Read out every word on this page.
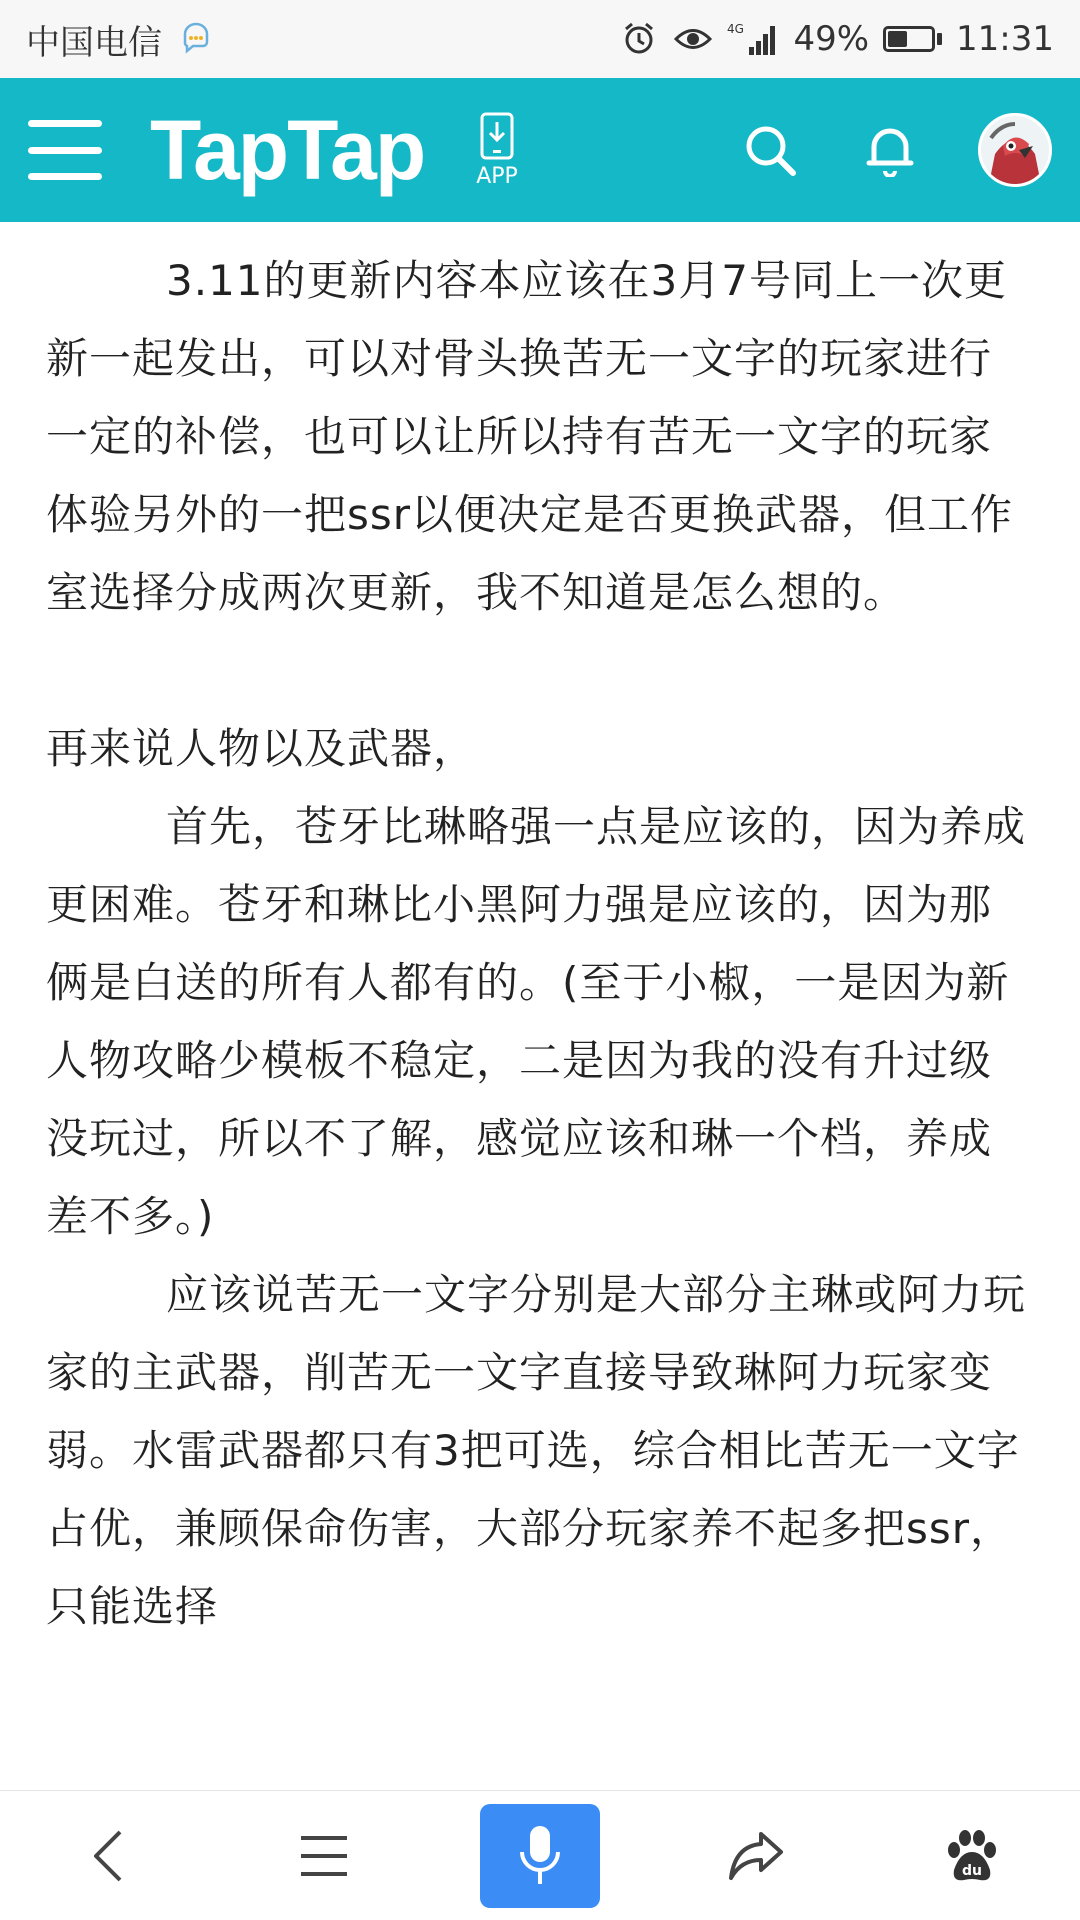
中国电信	4G 49%	11:31
TapTap APP

3.11的更新内容本应该在3月7号同上一次更新一起发出，可以对骨头换苦无一文字的玩家进行一定的补偿，也可以让所以持有苦无一文字的玩家体验另外的一把ssr以便决定是否更换武器，但工作室选择分成两次更新，我不知道是怎么想的。

再来说人物以及武器，

首先，苍牙比琳略强一点是应该的，因为养成更困难。苍牙和琳比小黑阿力强是应该的，因为那俩是白送的所有人都有的。(至于小椒，一是因为新人物攻略少模板不稳定，二是因为我的没有升过级没玩过，所以不了解，感觉应该和琳一个档，养成差不多。)

应该说苦无一文字分别是大部分主琳或阿力玩家的主武器，削苦无一文字直接导致琳阿力玩家变弱。水雷武器都只有3把可选，综合相比苦无一文字占优，兼顾保命伤害，大部分玩家养不起多把ssr，只能选择

du
